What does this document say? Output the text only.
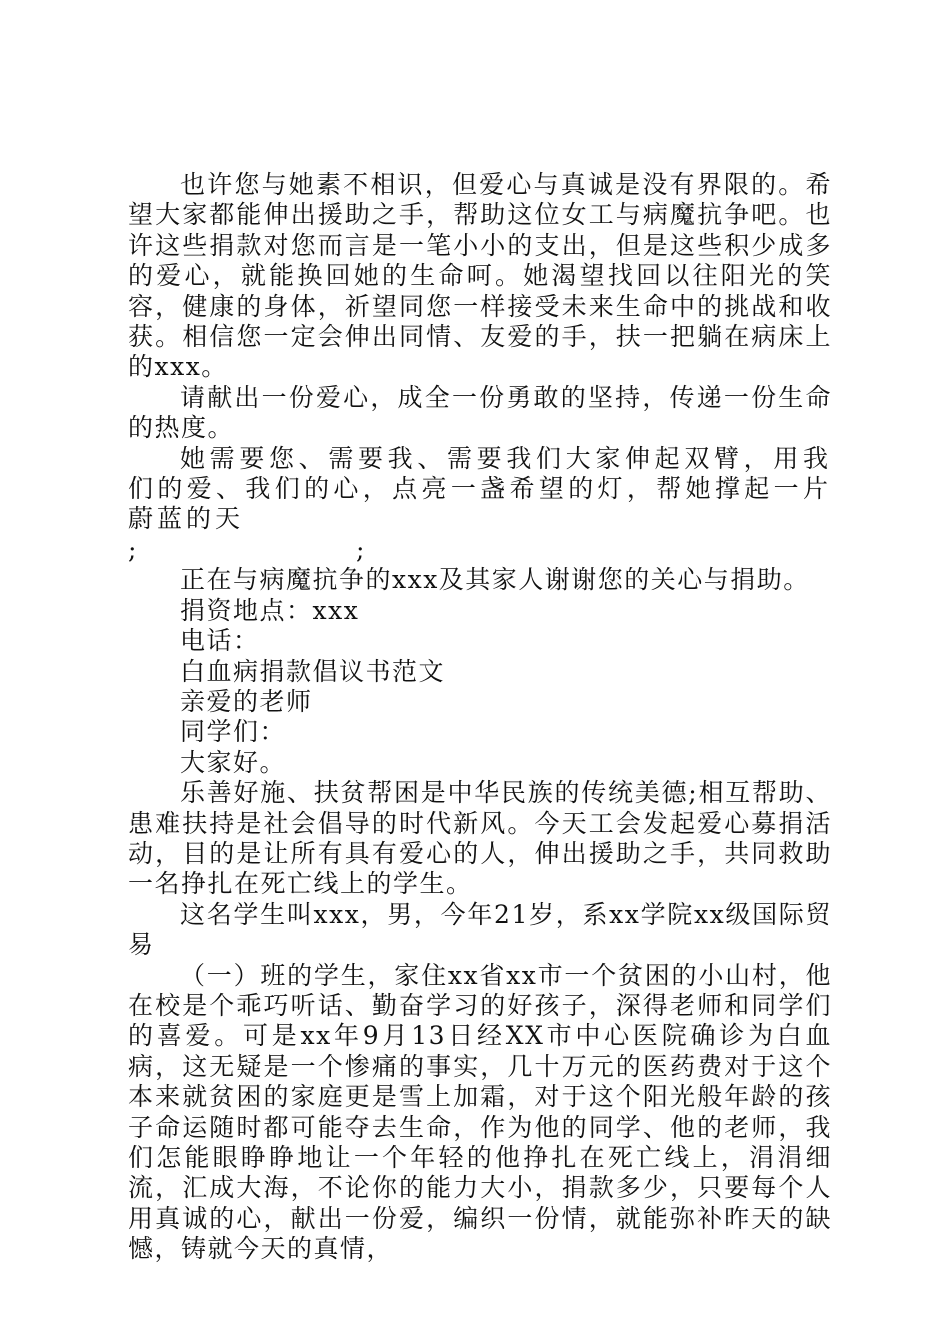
也许您与她素不相识，但爱心与真诚是没有界限的。希望大家都能伸出援助之手，帮助这位女工与病魔抗争吧。也许这些捐款对您而言是一笔小小的支出，但是这些积少成多的爱心，就能换回她的生命呵。她渴望找回以往阳光的笑容，健康的身体，祈望同您一样接受未来生命中的挑战和收获。相信您一定会伸出同情、友爱的手，扶一把躺在病床上的xxx。

请献出一份爱心，成全一份勇敢的坚持，传递一份生命的热度。

她需要您、需要我、需要我们大家伸起双臂，用我们的爱、我们的心，点亮一盏希望的灯，帮她撑起一片蔚蓝的天

;	;

正在与病魔抗争的xxx及其家人谢谢您的关心与捐助。

捐资地点：xxx

电话：

白血病捐款倡议书范文

亲爱的老师

同学们：

大家好。

乐善好施、扶贫帮困是中华民族的传统美德;相互帮助、患难扶持是社会倡导的时代新风。今天工会发起爱心募捐活动，目的是让所有具有爱心的人，伸出援助之手，共同救助一名挣扎在死亡线上的学生。

这名学生叫xxx，男，今年21岁，系xx学院xx级国际贸易

（一）班的学生，家住xx省xx市一个贫困的小山村，他在校是个乖巧听话、勤奋学习的好孩子，深得老师和同学们的喜爱。可是xx年9月13日经XX市中心医院确诊为白血病，这无疑是一个惨痛的事实，几十万元的医药费对于这个本来就贫困的家庭更是雪上加霜，对于这个阳光般年龄的孩子命运随时都可能夺去生命，作为他的同学、他的老师，我们怎能眼睁睁地让一个年轻的他挣扎在死亡线上，涓涓细流，汇成大海，不论你的能力大小，捐款多少，只要每个人用真诚的心，献出一份爱，编织一份情，就能弥补昨天的缺憾，铸就今天的真情，
